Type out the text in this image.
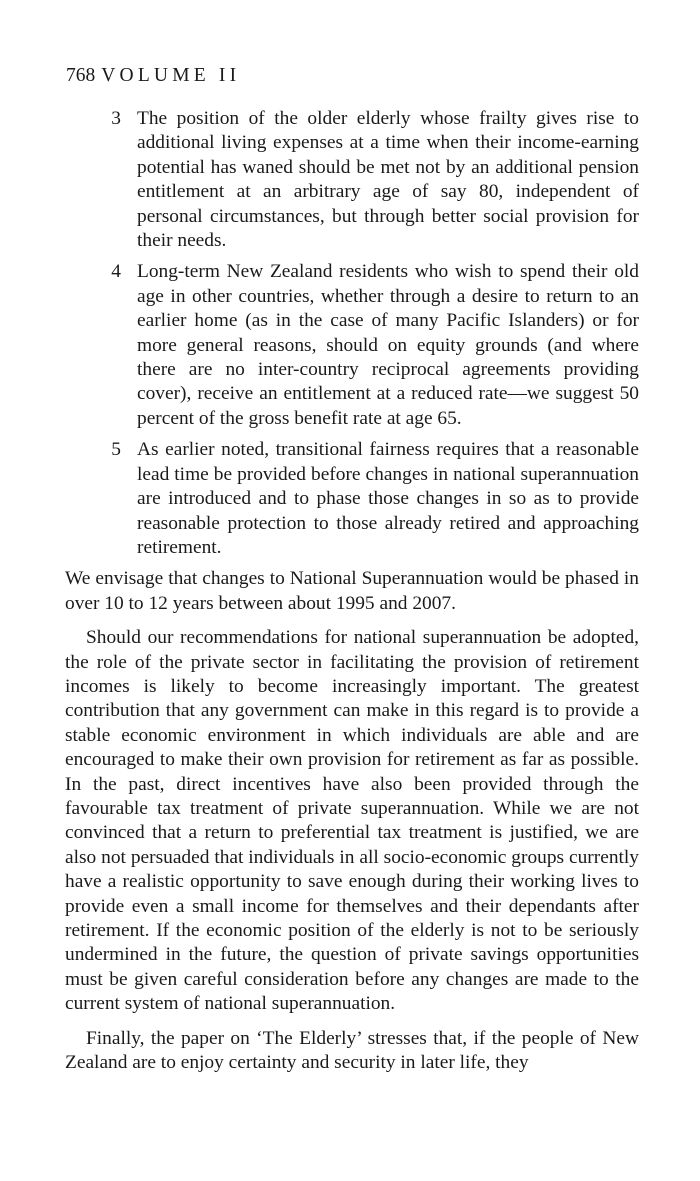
768 VOLUME II
3 The position of the older elderly whose frailty gives rise to additional living expenses at a time when their income-earning potential has waned should be met not by an additional pension entitlement at an arbitrary age of say 80, independent of personal circumstances, but through better social provision for their needs.
4 Long-term New Zealand residents who wish to spend their old age in other countries, whether through a desire to return to an earlier home (as in the case of many Pacific Islanders) or for more general reasons, should on equity grounds (and where there are no inter-country reciprocal agreements providing cover), receive an entitlement at a reduced rate—we suggest 50 percent of the gross benefit rate at age 65.
5 As earlier noted, transitional fairness requires that a reasonable lead time be provided before changes in national superannuation are introduced and to phase those changes in so as to provide reasonable protection to those already retired and approaching retirement.

We envisage that changes to National Superannuation would be phased in over 10 to 12 years between about 1995 and 2007.

Should our recommendations for national superannuation be adopted, the role of the private sector in facilitating the provision of retirement incomes is likely to become increasingly important. The greatest contribution that any government can make in this regard is to provide a stable economic environment in which individuals are able and are encouraged to make their own provision for retirement as far as possible. In the past, direct incentives have also been provided through the favourable tax treatment of private superannuation. While we are not convinced that a return to preferential tax treatment is justified, we are also not persuaded that individuals in all socio-economic groups currently have a realistic opportunity to save enough during their working lives to provide even a small income for themselves and their dependants after retirement. If the economic position of the elderly is not to be seriously undermined in the future, the question of private savings opportunities must be given careful consideration before any changes are made to the current system of national superannuation.

Finally, the paper on ‘The Elderly’ stresses that, if the people of New Zealand are to enjoy certainty and security in later life, they
